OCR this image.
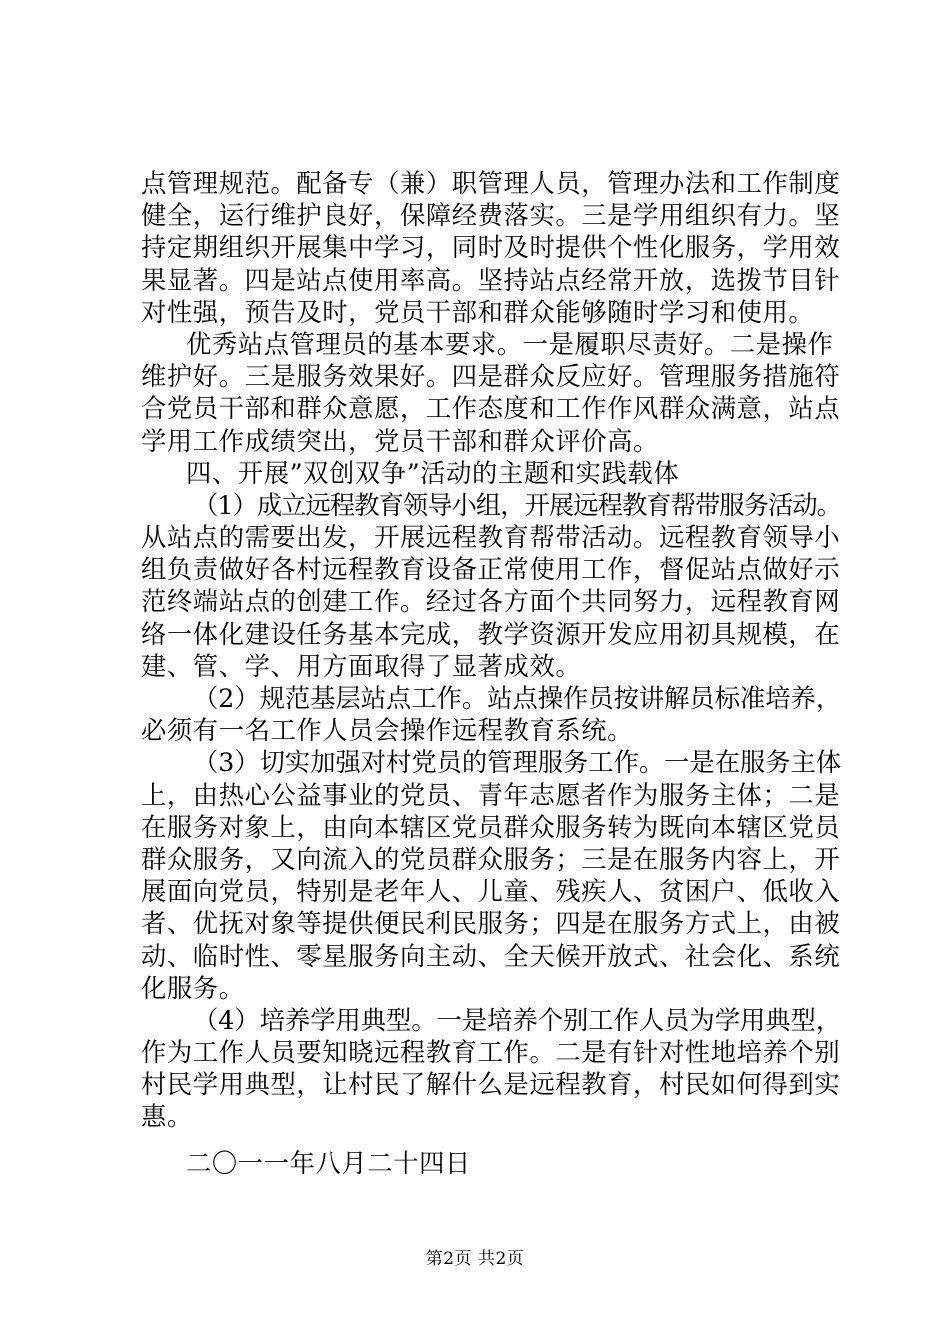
点管理规范。配备专（兼）职管理人员，管理办法和工作制度
健全，运行维护良好，保障经费落实。三是学用组织有力。坚
持定期组织开展集中学习，同时及时提供个性化服务，学用效
果显著。四是站点使用率高。坚持站点经常开放，选拨节目针
对性强，预告及时，党员干部和群众能够随时学习和使用。
优秀站点管理员的基本要求。一是履职尽责好。二是操作
维护好。三是服务效果好。四是群众反应好。管理服务措施符
合党员干部和群众意愿，工作态度和工作作风群众满意，站点
学用工作成绩突出，党员干部和群众评价高。
四、开展”双创双争”活动的主题和实践载体
（1）成立远程教育领导小组，开展远程教育帮带服务活动。
从站点的需要出发，开展远程教育帮带活动。远程教育领导小
组负责做好各村远程教育设备正常使用工作，督促站点做好示
范终端站点的创建工作。经过各方面个共同努力，远程教育网
络一体化建设任务基本完成，教学资源开发应用初具规模，在
建、管、学、用方面取得了显著成效。
（2）规范基层站点工作。站点操作员按讲解员标准培养，
必须有一名工作人员会操作远程教育系统。
（3）切实加强对村党员的管理服务工作。一是在服务主体
上，由热心公益事业的党员、青年志愿者作为服务主体；二是
在服务对象上，由向本辖区党员群众服务转为既向本辖区党员
群众服务，又向流入的党员群众服务；三是在服务内容上，开
展面向党员，特别是老年人、儿童、残疾人、贫困户、低收入
者、优抚对象等提供便民利民服务；四是在服务方式上，由被
动、临时性、零星服务向主动、全天候开放式、社会化、系统
化服务。
（4）培养学用典型。一是培养个别工作人员为学用典型，
作为工作人员要知晓远程教育工作。二是有针对性地培养个别
村民学用典型，让村民了解什么是远程教育，村民如何得到实
惠。
二〇一一年八月二十四日
第2页 共2页
